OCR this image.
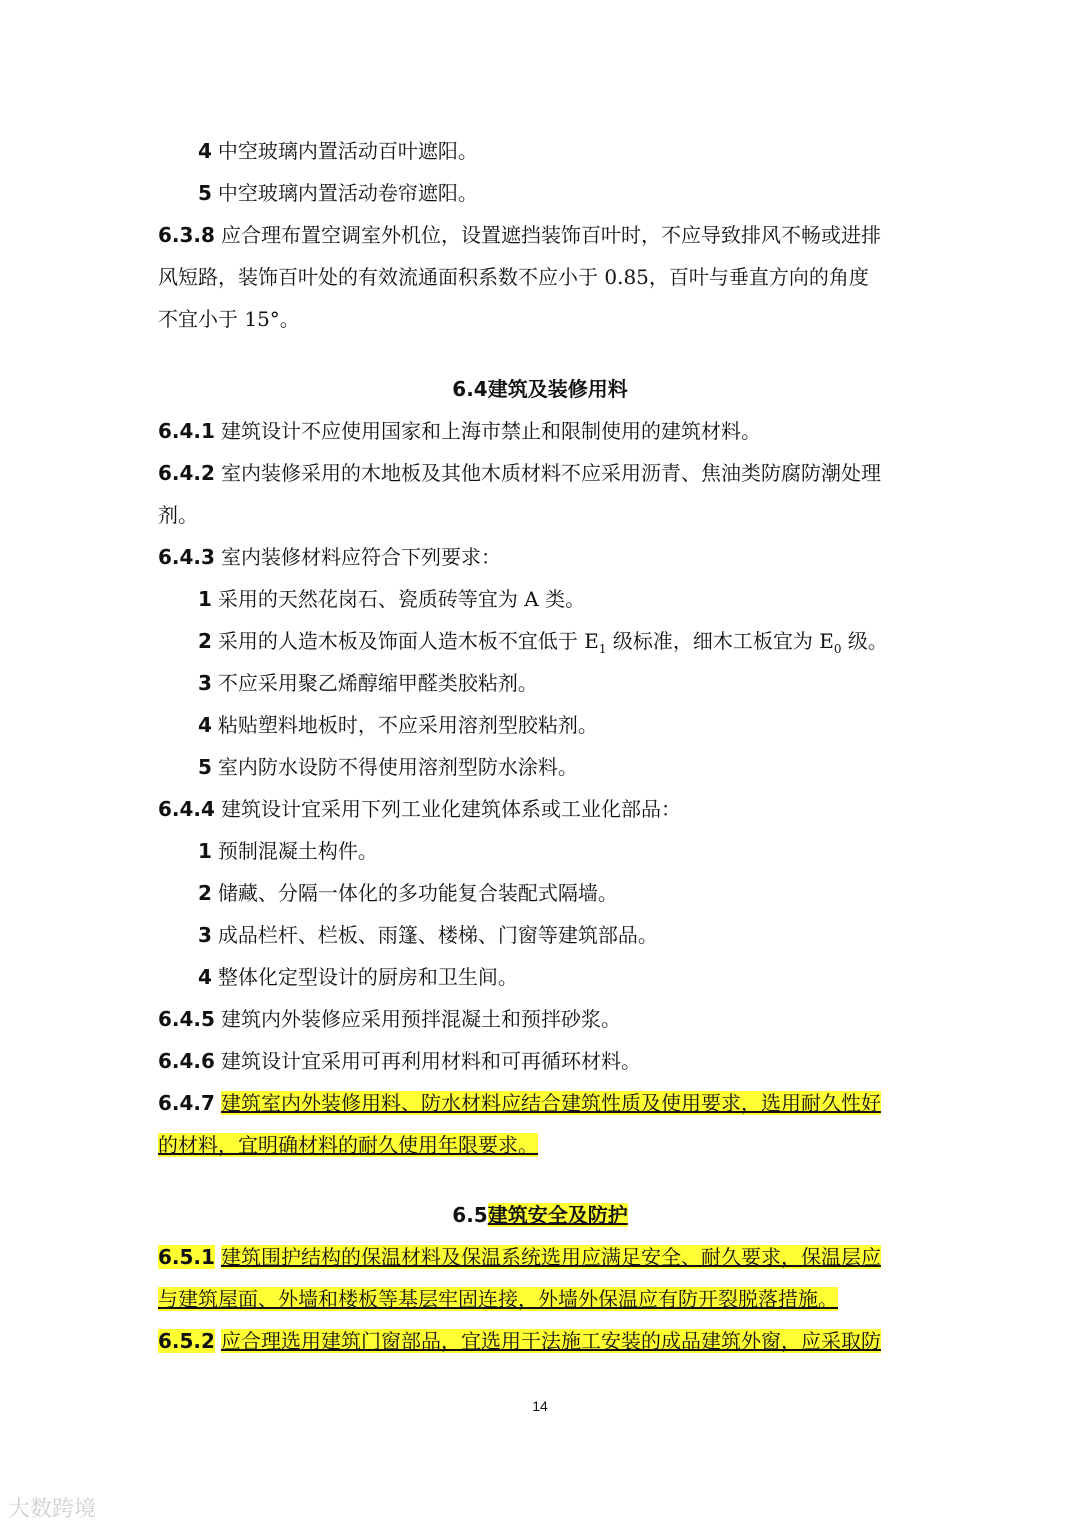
4 中空玻璃内置活动百叶遮阳。
5 中空玻璃内置活动卷帘遮阳。
6.3.8 应合理布置空调室外机位，设置遮挡装饰百叶时，不应导致排风不畅或进排
风短路，装饰百叶处的有效流通面积系数不应小于 0.85，百叶与垂直方向的角度
不宜小于 15°。
6.4建筑及装修用料
6.4.1 建筑设计不应使用国家和上海市禁止和限制使用的建筑材料。
6.4.2 室内装修采用的木地板及其他木质材料不应采用沥青、焦油类防腐防潮处理
剂。
6.4.3 室内装修材料应符合下列要求：
1 采用的天然花岗石、瓷质砖等宜为 A 类。
2 采用的人造木板及饰面人造木板不宜低于 $E_1$ 级标准，细木工板宜为 $E_0$ 级。
3 不应采用聚乙烯醇缩甲醛类胶粘剂。
4 粘贴塑料地板时，不应采用溶剂型胶粘剂。
5 室内防水设防不得使用溶剂型防水涂料。
6.4.4 建筑设计宜采用下列工业化建筑体系或工业化部品：
1 预制混凝土构件。
2 储藏、分隔一体化的多功能复合装配式隔墙。
3 成品栏杆、栏板、雨篷、楼梯、门窗等建筑部品。
4 整体化定型设计的厨房和卫生间。
6.4.5 建筑内外装修应采用预拌混凝土和预拌砂浆。
6.4.6 建筑设计宜采用可再利用材料和可再循环材料。
6.4.7 建筑室内外装修用料、防水材料应结合建筑性质及使用要求，选用耐久性好
的材料，宜明确材料的耐久使用年限要求。
6.5建筑安全及防护
6.5.1 建筑围护结构的保温材料及保温系统选用应满足安全、耐久要求，保温层应
与建筑屋面、外墙和楼板等基层牢固连接，外墙外保温应有防开裂脱落措施。
6.5.2 应合理选用建筑门窗部品，宜选用干法施工安装的成品建筑外窗，应采取防
14
大数跨境
